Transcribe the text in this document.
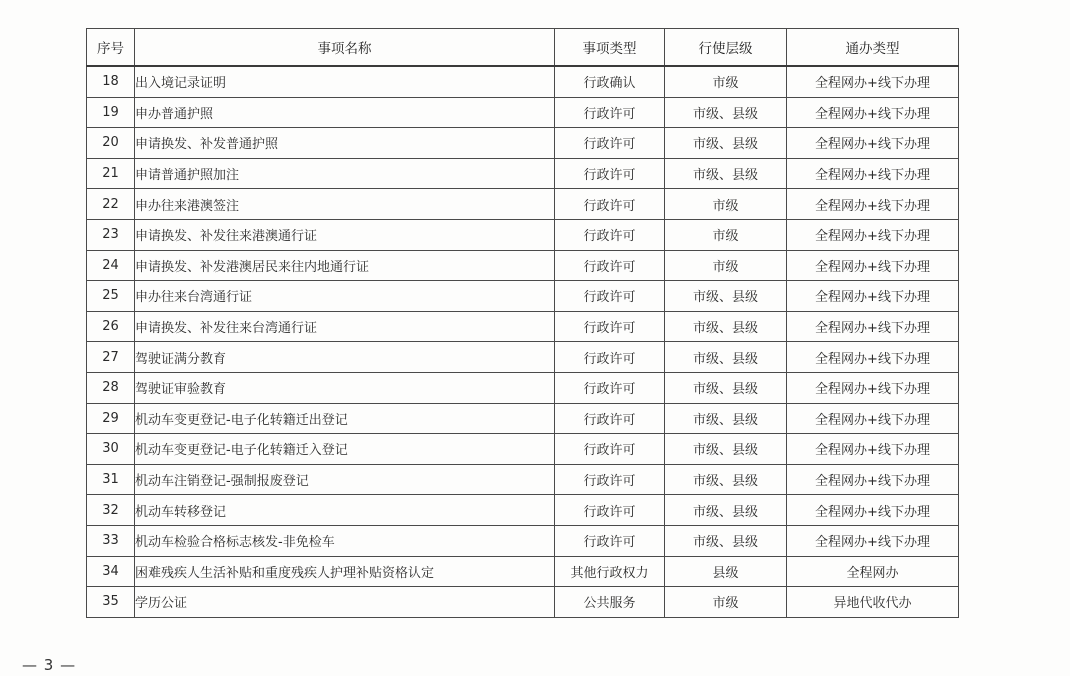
序号	事项名称	事项类型	行使层级	通办类型
18	出入境记录证明	行政确认	市级	全程网办+线下办理
19	申办普通护照	行政许可	市级、县级	全程网办+线下办理
20	申请换发、补发普通护照	行政许可	市级、县级	全程网办+线下办理
21	申请普通护照加注	行政许可	市级、县级	全程网办+线下办理
22	申办往来港澳签注	行政许可	市级	全程网办+线下办理
23	申请换发、补发往来港澳通行证	行政许可	市级	全程网办+线下办理
24	申请换发、补发港澳居民来往内地通行证	行政许可	市级	全程网办+线下办理
25	申办往来台湾通行证	行政许可	市级、县级	全程网办+线下办理
26	申请换发、补发往来台湾通行证	行政许可	市级、县级	全程网办+线下办理
27	驾驶证满分教育	行政许可	市级、县级	全程网办+线下办理
28	驾驶证审验教育	行政许可	市级、县级	全程网办+线下办理
29	机动车变更登记-电子化转籍迁出登记	行政许可	市级、县级	全程网办+线下办理
30	机动车变更登记-电子化转籍迁入登记	行政许可	市级、县级	全程网办+线下办理
31	机动车注销登记-强制报废登记	行政许可	市级、县级	全程网办+线下办理
32	机动车转移登记	行政许可	市级、县级	全程网办+线下办理
33	机动车检验合格标志核发-非免检车	行政许可	市级、县级	全程网办+线下办理
34	困难残疾人生活补贴和重度残疾人护理补贴资格认定	其他行政权力	县级	全程网办
35	学历公证	公共服务	市级	异地代收代办
— 3 —
